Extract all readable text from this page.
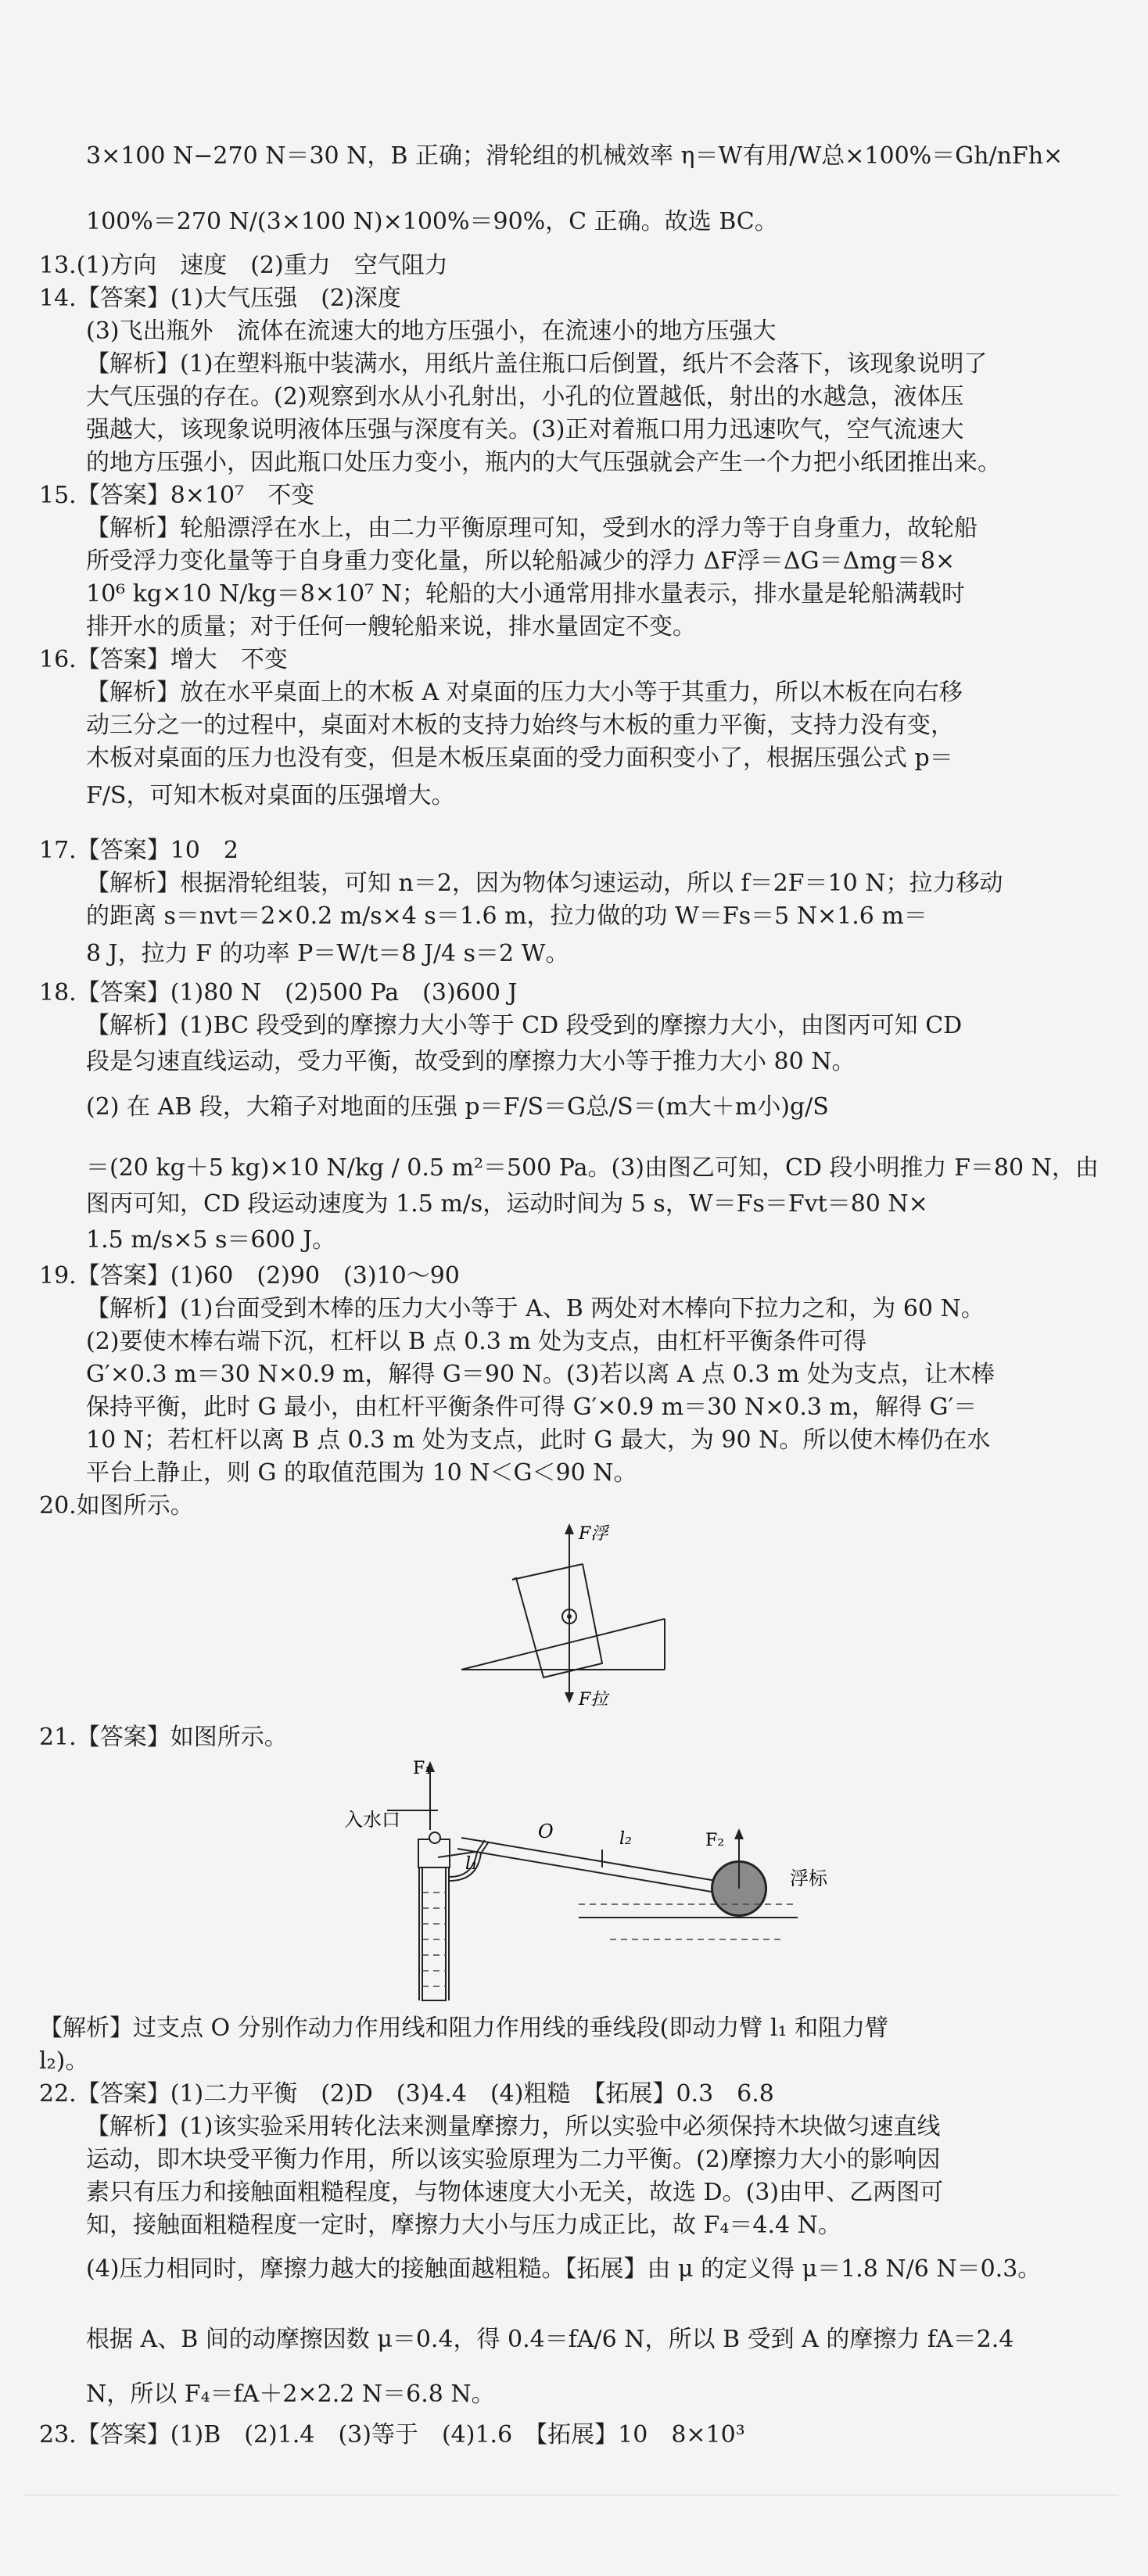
3×100 N−270 N＝30 N，B 正确；滑轮组的机械效率 η＝W有用/W总×100%＝Gh/nFh×
100%＝270 N/(3×100 N)×100%＝90%，C 正确。故选 BC。
13.(1)方向　速度　(2)重力　空气阻力
14.【答案】(1)大气压强　(2)深度
(3)飞出瓶外　流体在流速大的地方压强小，在流速小的地方压强大
【解析】(1)在塑料瓶中装满水，用纸片盖住瓶口后倒置，纸片不会落下，该现象说明了
大气压强的存在。(2)观察到水从小孔射出，小孔的位置越低，射出的水越急，液体压
强越大，该现象说明液体压强与深度有关。(3)正对着瓶口用力迅速吹气，空气流速大
的地方压强小，因此瓶口处压力变小，瓶内的大气压强就会产生一个力把小纸团推出来。
15.【答案】8×10⁷　不变
【解析】轮船漂浮在水上，由二力平衡原理可知，受到水的浮力等于自身重力，故轮船
所受浮力变化量等于自身重力变化量，所以轮船减少的浮力 ΔF浮＝ΔG＝Δmg＝8×
10⁶ kg×10 N/kg＝8×10⁷ N；轮船的大小通常用排水量表示，排水量是轮船满载时
排开水的质量；对于任何一艘轮船来说，排水量固定不变。
16.【答案】增大　不变
【解析】放在水平桌面上的木板 A 对桌面的压力大小等于其重力，所以木板在向右移
动三分之一的过程中，桌面对木板的支持力始终与木板的重力平衡，支持力没有变，
木板对桌面的压力也没有变，但是木板压桌面的受力面积变小了，根据压强公式 p＝
F/S，可知木板对桌面的压强增大。
17.【答案】10　2
【解析】根据滑轮组装，可知 n＝2，因为物体匀速运动，所以 f＝2F＝10 N；拉力移动
的距离 s＝nvt＝2×0.2 m/s×4 s＝1.6 m，拉力做的功 W＝Fs＝5 N×1.6 m＝
8 J，拉力 F 的功率 P＝W/t＝8 J/4 s＝2 W。
18.【答案】(1)80 N　(2)500 Pa　(3)600 J
【解析】(1)BC 段受到的摩擦力大小等于 CD 段受到的摩擦力大小，由图丙可知 CD
段是匀速直线运动，受力平衡，故受到的摩擦力大小等于推力大小 80 N。
(2) 在 AB 段，大箱子对地面的压强 p＝F/S＝G总/S＝(m大＋m小)g/S
＝(20 kg＋5 kg)×10 N/kg / 0.5 m²＝500 Pa。(3)由图乙可知，CD 段小明推力 F＝80 N，由
图丙可知，CD 段运动速度为 1.5 m/s，运动时间为 5 s，W＝Fs＝Fvt＝80 N×
1.5 m/s×5 s＝600 J。
19.【答案】(1)60　(2)90　(3)10～90
【解析】(1)台面受到木棒的压力大小等于 A、B 两处对木棒向下拉力之和，为 60 N。
(2)要使木棒右端下沉，杠杆以 B 点 0.3 m 处为支点，由杠杆平衡条件可得
G′×0.3 m＝30 N×0.9 m，解得 G＝90 N。(3)若以离 A 点 0.3 m 处为支点，让木棒
保持平衡，此时 G 最小，由杠杆平衡条件可得 G′×0.9 m＝30 N×0.3 m，解得 G′＝
10 N；若杠杆以离 B 点 0.3 m 处为支点，此时 G 最大，为 90 N。所以使木棒仍在水
平台上静止，则 G 的取值范围为 10 N＜G＜90 N。
20.如图所示。
F浮
F拉
21.【答案】如图所示。
F₁
入水口
l₁
O	l₂	F₂
浮标
【解析】过支点 O 分别作动力作用线和阻力作用线的垂线段(即动力臂 l₁ 和阻力臂
l₂)。
22.【答案】(1)二力平衡　(2)D　(3)4.4　(4)粗糙　【拓展】0.3　6.8
【解析】(1)该实验采用转化法来测量摩擦力，所以实验中必须保持木块做匀速直线
运动，即木块受平衡力作用，所以该实验原理为二力平衡。(2)摩擦力大小的影响因
素只有压力和接触面粗糙程度，与物体速度大小无关，故选 D。(3)由甲、乙两图可
知，接触面粗糙程度一定时，摩擦力大小与压力成正比，故 F₄＝4.4 N。
(4)压力相同时，摩擦力越大的接触面越粗糙。【拓展】由 μ 的定义得 μ＝1.8 N/6 N＝0.3。
根据 A、B 间的动摩擦因数 μ＝0.4，得 0.4＝fA/6 N，所以 B 受到 A 的摩擦力 fA＝2.4
N，所以 F₄＝fA＋2×2.2 N＝6.8 N。
23.【答案】(1)B　(2)1.4　(3)等于　(4)1.6　【拓展】10　8×10³
